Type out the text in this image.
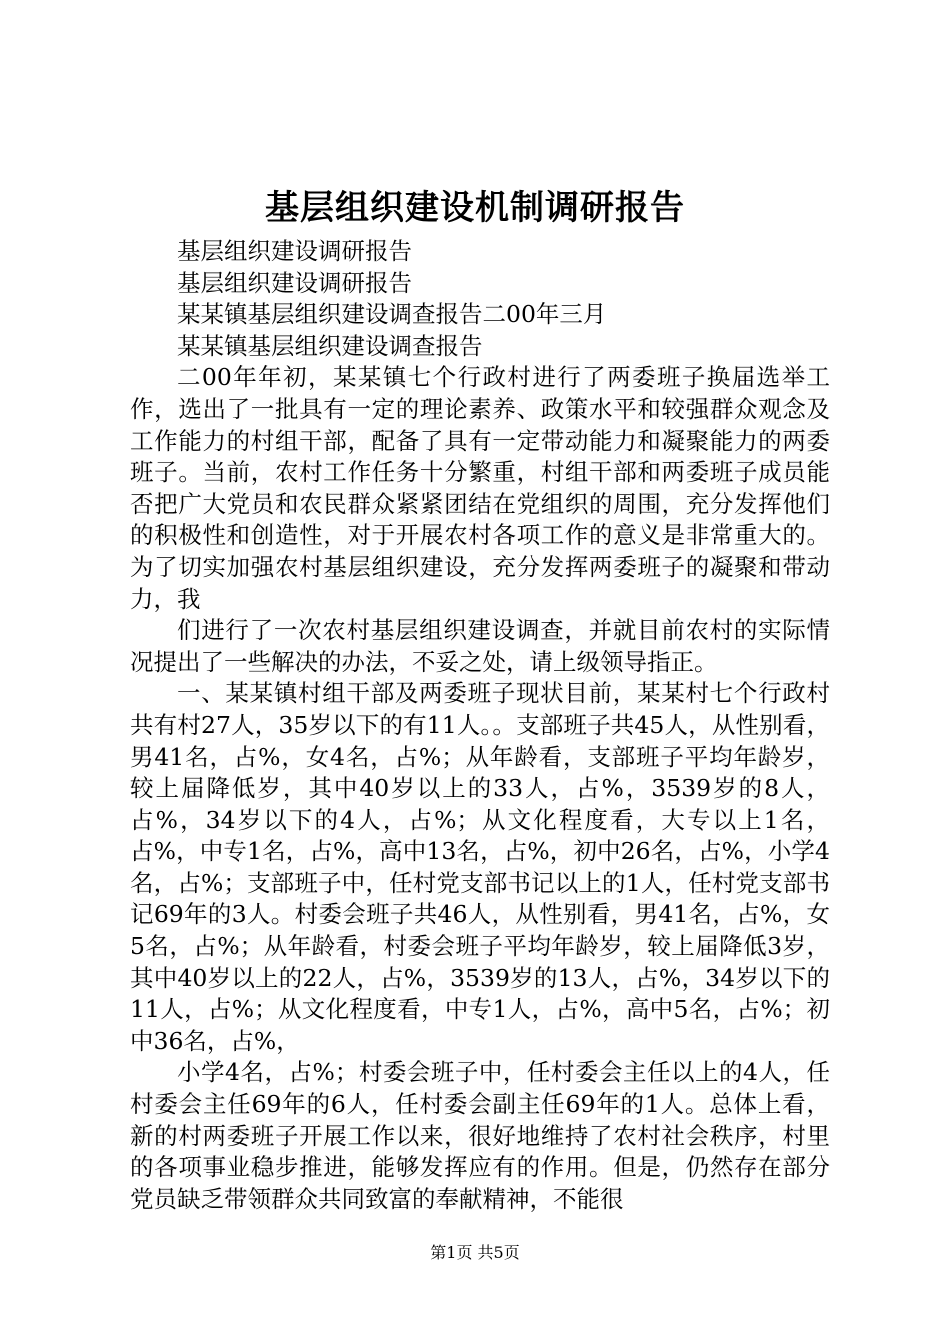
基层组织建设机制调研报告

基层组织建设调研报告

基层组织建设调研报告

某某镇基层组织建设调查报告二00年三月

某某镇基层组织建设调查报告

二00年年初，某某镇七个行政村进行了两委班子换届选举工作，选出了一批具有一定的理论素养、政策水平和较强群众观念及工作能力的村组干部，配备了具有一定带动能力和凝聚能力的两委班子。当前，农村工作任务十分繁重，村组干部和两委班子成员能否把广大党员和农民群众紧紧团结在党组织的周围，充分发挥他们的积极性和创造性，对于开展农村各项工作的意义是非常重大的。为了切实加强农村基层组织建设，充分发挥两委班子的凝聚和带动力，我

们进行了一次农村基层组织建设调查，并就目前农村的实际情况提出了一些解决的办法，不妥之处，请上级领导指正。

一、某某镇村组干部及两委班子现状目前，某某村七个行政村共有村27人，35岁以下的有11人。。支部班子共45人，从性别看，男41名，占%，女4名，占%；从年龄看，支部班子平均年龄岁，较上届降低岁，其中40岁以上的33人，占%，3539岁的8人，占%，34岁以下的4人，占%；从文化程度看，大专以上1名，占%，中专1名，占%，高中13名，占%，初中26名，占%，小学4名，占%；支部班子中，任村党支部书记以上的1人，任村党支部书记69年的3人。村委会班子共46人，从性别看，男41名，占%，女5名，占%；从年龄看，村委会班子平均年龄岁，较上届降低3岁，其中40岁以上的22人，占%，3539岁的13人，占%，34岁以下的11人，占%；从文化程度看，中专1人，占%，高中5名，占%；初中36名，占%，

小学4名，占%；村委会班子中，任村委会主任以上的4人，任村委会主任69年的6人，任村委会副主任69年的1人。总体上看，新的村两委班子开展工作以来，很好地维持了农村社会秩序，村里的各项事业稳步推进，能够发挥应有的作用。但是，仍然存在部分党员缺乏带领群众共同致富的奉献精神，不能很

第1页 共5页
